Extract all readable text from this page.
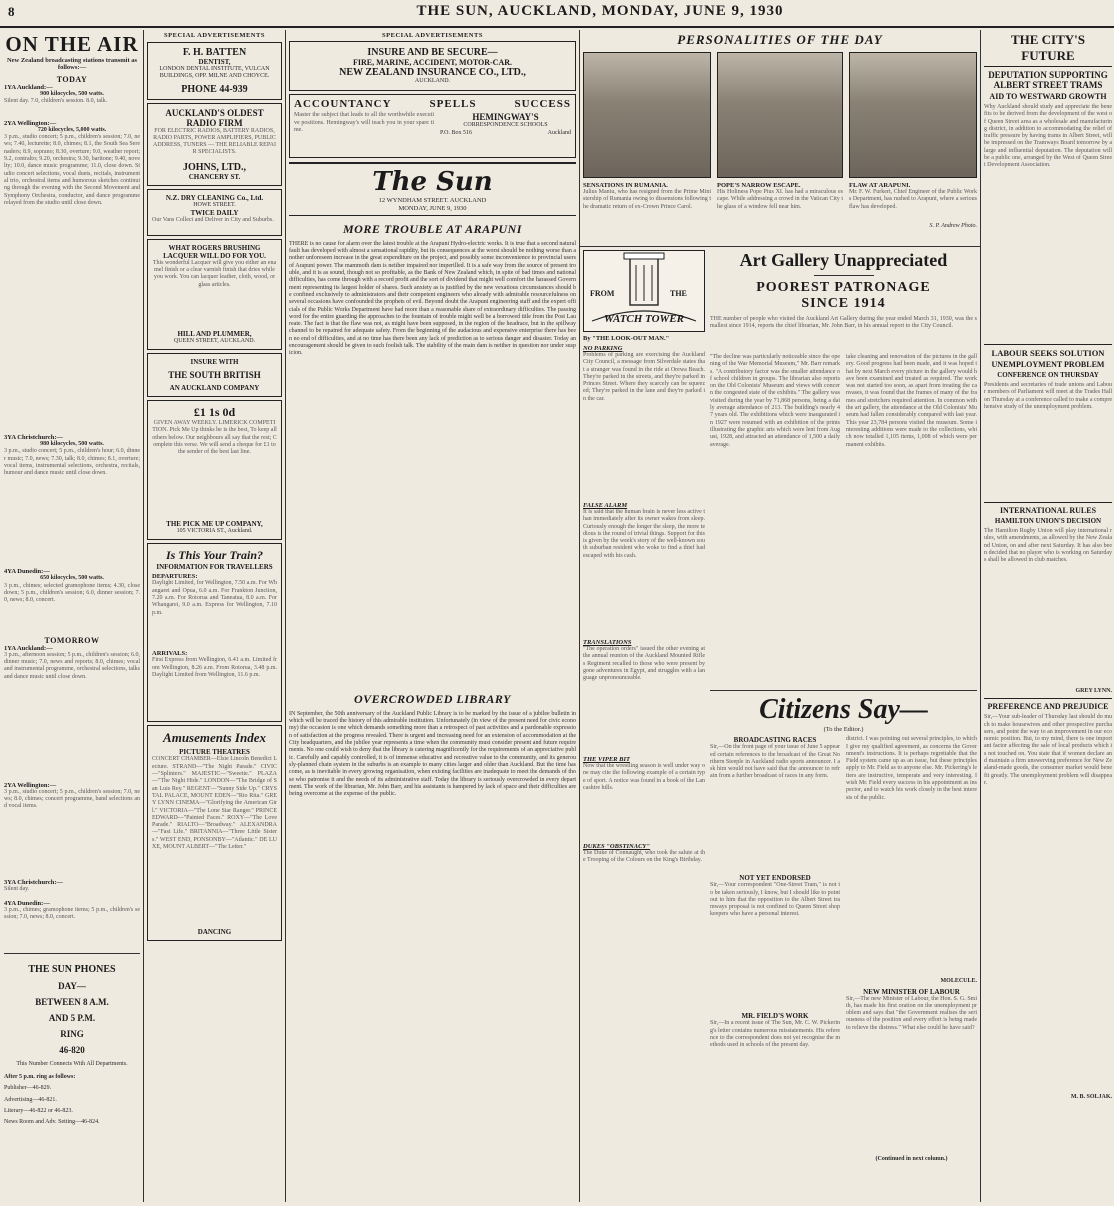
8	THE SUN, AUCKLAND, MONDAY, JUNE 9, 1930
ON THE AIR
New Zealand broadcasting stations transmit as follows:—
TODAY
1YA Auckland:—
900 kilocycles, 500 watts.
Silent day. 7.0, children's session. 8.0, talk.
2YA Wellington:—
720 kilocycles, 5,000 watts.
3 p.m., studio concert; 5 p.m., children's session; 7.0, news; 7.40, lecturette; 8.0, chimes; 8.1, the South Sea Serenaders; 8.9, soprano; 8.30, overture; 9.0, weather report; 9.2, contralto; 9.20, orchestra; 9.30, baritone; 9.40, novelty; 10.0, dance music programme; 11.0, close down. Studio concert selections, vocal duets, recitals, instrumental trio, orchestral items and humorous sketches continuing through the evening with the Second Movement and Symphony Orchestra, conductor, and dance programme relayed from the studio until close down.
3YA Christchurch:—
980 kilocycles, 500 watts.
3 p.m., studio concert; 5 p.m., children's hour; 6.0, dinner music; 7.0, news; 7.30, talk; 8.0, chimes; 8.1, overture; vocal items, instrumental selections, orchestra, recitals, humour and dance music until close down.
4YA Dunedin:—
650 kilocycles, 500 watts.
3 p.m., chimes; selected gramophone items; 4.30, close down; 5 p.m., children's session; 6.0, dinner session; 7.0, news; 8.0, concert.
TOMORROW
1YA Auckland:—
3 p.m., afternoon session; 5 p.m., children's session; 6.0, dinner music; 7.0, news and reports; 8.0, chimes; vocal and instrumental programme, orchestral selections, talks and dance music until close down.
2YA Wellington:—
3 p.m., studio concert; 5 p.m., children's session; 7.0, news; 8.0, chimes; concert programme, band selections and vocal items.
3YA Christchurch:—
Silent day.
4YA Dunedin:—
3 p.m., chimes; gramophone items; 5 p.m., children's session; 7.0, news; 8.0, concert.
THE SUN PHONES
DAY—
BETWEEN 8 A.M.
AND 5 P.M.
RING
46-820
This Number Connects With All Departments.
After 5 p.m. ring as follows:
Publisher—46-829.
Advertising—46-821.
Literary—46-822 or 46-823.
News Room and Adv. Setting—46-824.
SPECIAL ADVERTISEMENTS
F. H. BATTEN
DENTIST,
LONDON DENTAL INSTITUTE, VULCAN BUILDINGS, OPP. MILNE AND CHOYCE.
PHONE 44-939
AUCKLAND'S OLDEST RADIO FIRM
FOR ELECTRIC RADIOS, BATTERY RADIOS, RADIO PARTS, POWER AMPLIFIERS, PUBLIC ADDRESS, TUNERS — THE RELIABLE REPAIR SPECIALISTS.
JOHNS, LTD.,
CHANCERY ST.
N.Z. DRY CLEANING Co., Ltd.
HOWE STREET.
TWICE DAILY
Our Vans Collect and Deliver in City and Suburbs.
WHAT ROGERS BRUSHING LACQUER WILL DO FOR YOU.
This wonderful Lacquer will give you either an enamel finish or a clear varnish finish that dries while you work. You can lacquer leather, cloth, wood, or glass articles.
HILL AND PLUMMER,
QUEEN STREET, AUCKLAND.
INSURE WITH
THE SOUTH BRITISH
AN AUCKLAND COMPANY
£1 1s 0d
GIVEN AWAY WEEKLY. LIMERICK COMPETITION. Pick Me Up thinks he is the best, To keep all others below. Our neighbours all say that the rest; Complete this verse. We will send a cheque for £1 to the sender of the best last line.
THE PICK ME UP COMPANY,
105 VICTORIA ST., Auckland.
Is This Your Train?
INFORMATION FOR TRAVELLERS
DEPARTURES:
Daylight Limited, for Wellington, 7.50 a.m. For Whangarei and Opua, 6.0 a.m. For Frankton Junction, 7.20 a.m. For Rotorua and Taneatua, 8.0 a.m. For Whangarei, 9.0 a.m. Express for Wellington, 7.10 p.m.
ARRIVALS:
First Express from Wellington, 6.41 a.m. Limited from Wellington, 8.26 a.m. From Rotorua, 3.48 p.m. Daylight Limited from Wellington, 11.6 p.m.
Amusements Index
PICTURE THEATRES
CONCERT CHAMBER—Elsie Lincoln Benedict Lecture. STRAND—"The Night Parade." CIVIC—"Splinters." MAJESTIC—"Sweetie." PLAZA—"The Night Hide." LONDON—"The Bridge of San Luis Rey." REGENT—"Sunny Side Up." CRYSTAL PALACE, MOUNT EDEN—"Rio Rita." GREY LYNN CINEMA—"Glorifying the American Girl." VICTORIA—"The Lone Star Ranger." PRINCE EDWARD—"Painted Faces." ROXY—"The Love Parade." RIALTO—"Broadway." ALEXANDRA—"Fast Life." BRITANNIA—"Three Little Sisters." WEST END, PONSONBY—"Atlantic." DE LUXE, MOUNT ALBERT—"The Letter."
DANCING
SPECIAL ADVERTISEMENTS
INSURE AND BE SECURE—
FIRE, MARINE, ACCIDENT, MOTOR-CAR.
NEW ZEALAND INSURANCE CO., LTD.,
AUCKLAND.
ACCOUNTANCY	SPELLS	SUCCESS
Master the subject that leads to all the worthwhile executive positions. Hemingway's will teach you in your spare time.
HEMINGWAY'S
CORRESPONDENCE SCHOOLS
P.O. Box 516	Auckland
The Sun
12 WYNDHAM STREET. AUCKLAND
MONDAY, JUNE 9, 1930
MORE TROUBLE AT ARAPUNI
THERE is no cause for alarm over the latest trouble at the Arapuni Hydro-electric works. It is true that a second natural fault has developed with almost a sensational rapidity, but its consequences at the worst should be nothing worse than another unforeseen increase in the great expenditure on the project, and possibly some inconvenience to provincial users of Arapuni power. The mammoth dam is neither impaired nor imperilled. It is a safe way from the source of present trouble, and it is as sound, though not so profitable, as the Bank of New Zealand which, in spite of bad times and national difficulties, has come through with a record profit and the sort of dividend that might well comfort the harassed Government representing its largest holder of shares. Such anxiety as is justified by the new vexatious circumstances should be confined exclusively to administrators and their competent engineers who already with admirable resourcefulness on several occasions have confounded the prophets of evil. Beyond doubt the Arapuni engineering staff and the expert officials of the Public Works Department have had more than a reasonable share of extraordinary difficulties. The passing word for the entire guarding the approaches to the fountain of trouble might well be a borrowed title from the Post Laureate. The fact is that the flaw was not, as might have been supposed, in the region of the headrace, but in the spillway channel to be repaired for adequate safety. From the beginning of the audacious and expensive enterprise there has been no end of difficulties, and at no time has there been any lack of prediction as to serious danger and disaster. Today an encouragement should be given to such foolish talk. The stability of the main dam is neither in question nor under suspicion.
OVERCROWDED LIBRARY
IN September, the 50th anniversary of the Auckland Public Library is to be marked by the issue of a jubilee bulletin in which will be traced the history of this admirable institution. Unfortunately (in view of the present need for civic economy) the occasion is one which demands something more than a retrospect of past activities and a pardonable expression of satisfaction at the progress revealed. There is urgent and increasing need for an extension of accommodation at the City headquarters, and the jubilee year represents a time when the community must consider present and future requirements. No one could wish to deny that the library is catering magnificently for the requirements of an appreciative public. Carefully and capably controlled, it is of immense educative and recreative value to the community, and its generously-planned chain system in the suburbs is an example to many cities larger and older than Auckland. But the time has come, as is inevitable in every growing organisation, when existing facilities are inadequate to meet the demands of those who patronise it and the needs of its administrative staff. Today the library is seriously overcrowded in every department. The work of the librarian, Mr. John Barr, and his assistants is hampered by lack of space and their difficulties are being overcome at the expense of the public.
PERSONALITIES OF THE DAY
SENSATIONS IN RUMANIA.
Julius Maniu, who has resigned from the Prime Ministership of Rumania owing to dissensions following the dramatic return of ex-Crown Prince Carol.
POPE'S NARROW ESCAPE.
His Holiness Pope Pius XI. has had a miraculous escape. While addressing a crowd in the Vatican City the glass of a window fell near him.
FLAW AT ARAPUNI.
Mr. F. W. Furkert, Chief Engineer of the Public Works Department, has rushed to Arapuni, where a serious flaw has developed.
S. P. Andrew Photo.
FROM	THE
WATCH TOWER
By "THE LOOK-OUT MAN."
NO PARKING
Problems of parking are exercising the Auckland City Council, a message from Silverdale states that a stranger was found in the ride at Orewa Beach. They're parked in the streets, and they're parked in Princes Street. Where they scarcely can be squeezed; They're parked in the lane and they're parked in the car.
FALSE ALARM
It is said that the human brain is never less active than immediately after its owner wakes from sleep. Curiously enough the longer the sleep, the more tedious is the round of trivial things. Support for this is given by the week's story of the well-known south suburban resident who woke to find a thief had escaped with his cash.
TRANSLATIONS
"The operation orders" issued the other evening at the annual reunion of the Auckland Mounted Rifles Regiment recalled to those who were present bygone adventures in Egypt, and struggles with a language unpronounceable.
THE VIPER BIT
Now that the wrestling season is well under way one may cite the following example of a certain type of sport. A notice was found in a book of the Lancashire hills.
DUKES "OBSTINACY"
The Duke of Connaught, who took the salute at the Trooping of the Colours on the King's Birthday.
Art Gallery Unappreciated
POOREST PATRONAGE
SINCE 1914
THE number of people who visited the Auckland Art Gallery during the year ended March 31, 1930, was the smallest since 1914, reports the chief librarian, Mr. John Barr, in his annual report to the City Council.
"The decline was particularly noticeable since the opening of the War Memorial Museum," Mr. Barr remarks. "A contributory factor was the smaller attendance of school children in groups. The librarian also reports on the Old Colonists' Museum and views with concern the congested state of the exhibits." The gallery was visited during the year by 71,868 persons, being a daily average attendance of 213. The building's nearly 47 years old. The exhibitions which were inaugurated in 1927 were resumed with an exhibition of the prints illustrating the graphic arts which were lent from August, 1928, and attracted an attendance of 1,500 a daily average.
take cleaning and renovation of the pictures in the gallery. Good progress had been made, and it was hoped that by next March every picture in the gallery would have been examined and treated as required. The work was not started too soon, as apart from treating the canvases, it was found that the frames of many of the frames and stretchers required attention. In common with the art gallery, the attendance at the Old Colonists' Museum had fallen considerably compared with last year. This year 23,784 persons visited the museum. Some interesting additions were made to the collections, which now totalled 1,105 items, 1,008 of which were permanent exhibits.
Citizens Say—
(To the Editor.)
BROADCASTING RACES
Sir,—On the front page of your issue of June 5 appeared certain references to the broadcast of the Great Northern Steeple in Auckland radio sports announcer. I ask him would not have said that the announcer to refrain from a further broadcast of races in any form.
NOT YET ENDORSED
Sir,—Your correspondent "One-Street Tram," is not to be taken seriously, I know, but I should like to point out to him that the opposition to the Albert Street tramways proposal is not confined to Queen Street shopkeepers who have a personal interest.
MR. FIELD'S WORK
Sir,—In a recent issue of The Sun, Mr. C. W. Pickering's letter contains numerous misstatements. His reference to the correspondent does not yet recognise the methods used in schools of the present day.
district. I was pointing out several principles, to which I give my qualified agreement, as concerns the Government's instructions. It is perhaps regrettable that the Field system came up as an issue, but these principles apply to Mr. Field as to anyone else. Mr. Pickering's letters are instructive, temperate and very interesting. I wish Mr. Field every success in his appointment as inspector, and to watch his work closely in the best interests of the public.
MOLECULE.
NEW MINISTER OF LABOUR
Sir,—The new Minister of Labour, the Hon. S. G. Smith, has made his first oration on the unemployment problem and says that "the Government realises the seriousness of the position and every effort is being made to relieve the distress." What else could he have said?
(Continued in next column.)
THE CITY'S FUTURE
DEPUTATION SUPPORTING ALBERT STREET TRAMS
AID TO WESTWARD GROWTH
Why Auckland should study and appreciate the benefits to be derived from the development of the west of Queen Street area as a wholesale and manufacturing district, in addition to accommodating the relief of traffic pressure by having trams in Albert Street, will be impressed on the Tramways Board tomorrow by a large and influential deputation. The deputation will be a public one, arranged by the West of Queen Street Development Association.
LABOUR SEEKS SOLUTION
UNEMPLOYMENT PROBLEM
CONFERENCE ON THURSDAY
Presidents and secretaries of trade unions and Labour members of Parliament will meet at the Trades Hall on Thursday at a conference called to make a comprehensive study of the unemployment problem.
INTERNATIONAL RULES
HAMILTON UNION'S DECISION
The Hamilton Rugby Union will play international rules, with amendments, as allowed by the New Zealand Union, on and after next Saturday. It has also been decided that no player who is working on Saturdays shall be allowed in club matches.
GREY LYNN.
PREFERENCE AND PREJUDICE
Sir,—Your sub-leader of Thursday last should do much to make housewives and other prospective purchasers, and point the way to an improvement in our economic position. But, to my mind, there is one important factor affecting the sale of local products which is not touched on. You state that if women declare and maintain a firm unswerving preference for New Zealand-made goods, the consumer market would benefit greatly. The unemployment problem will disappear.
M. B. SOLJAK.
